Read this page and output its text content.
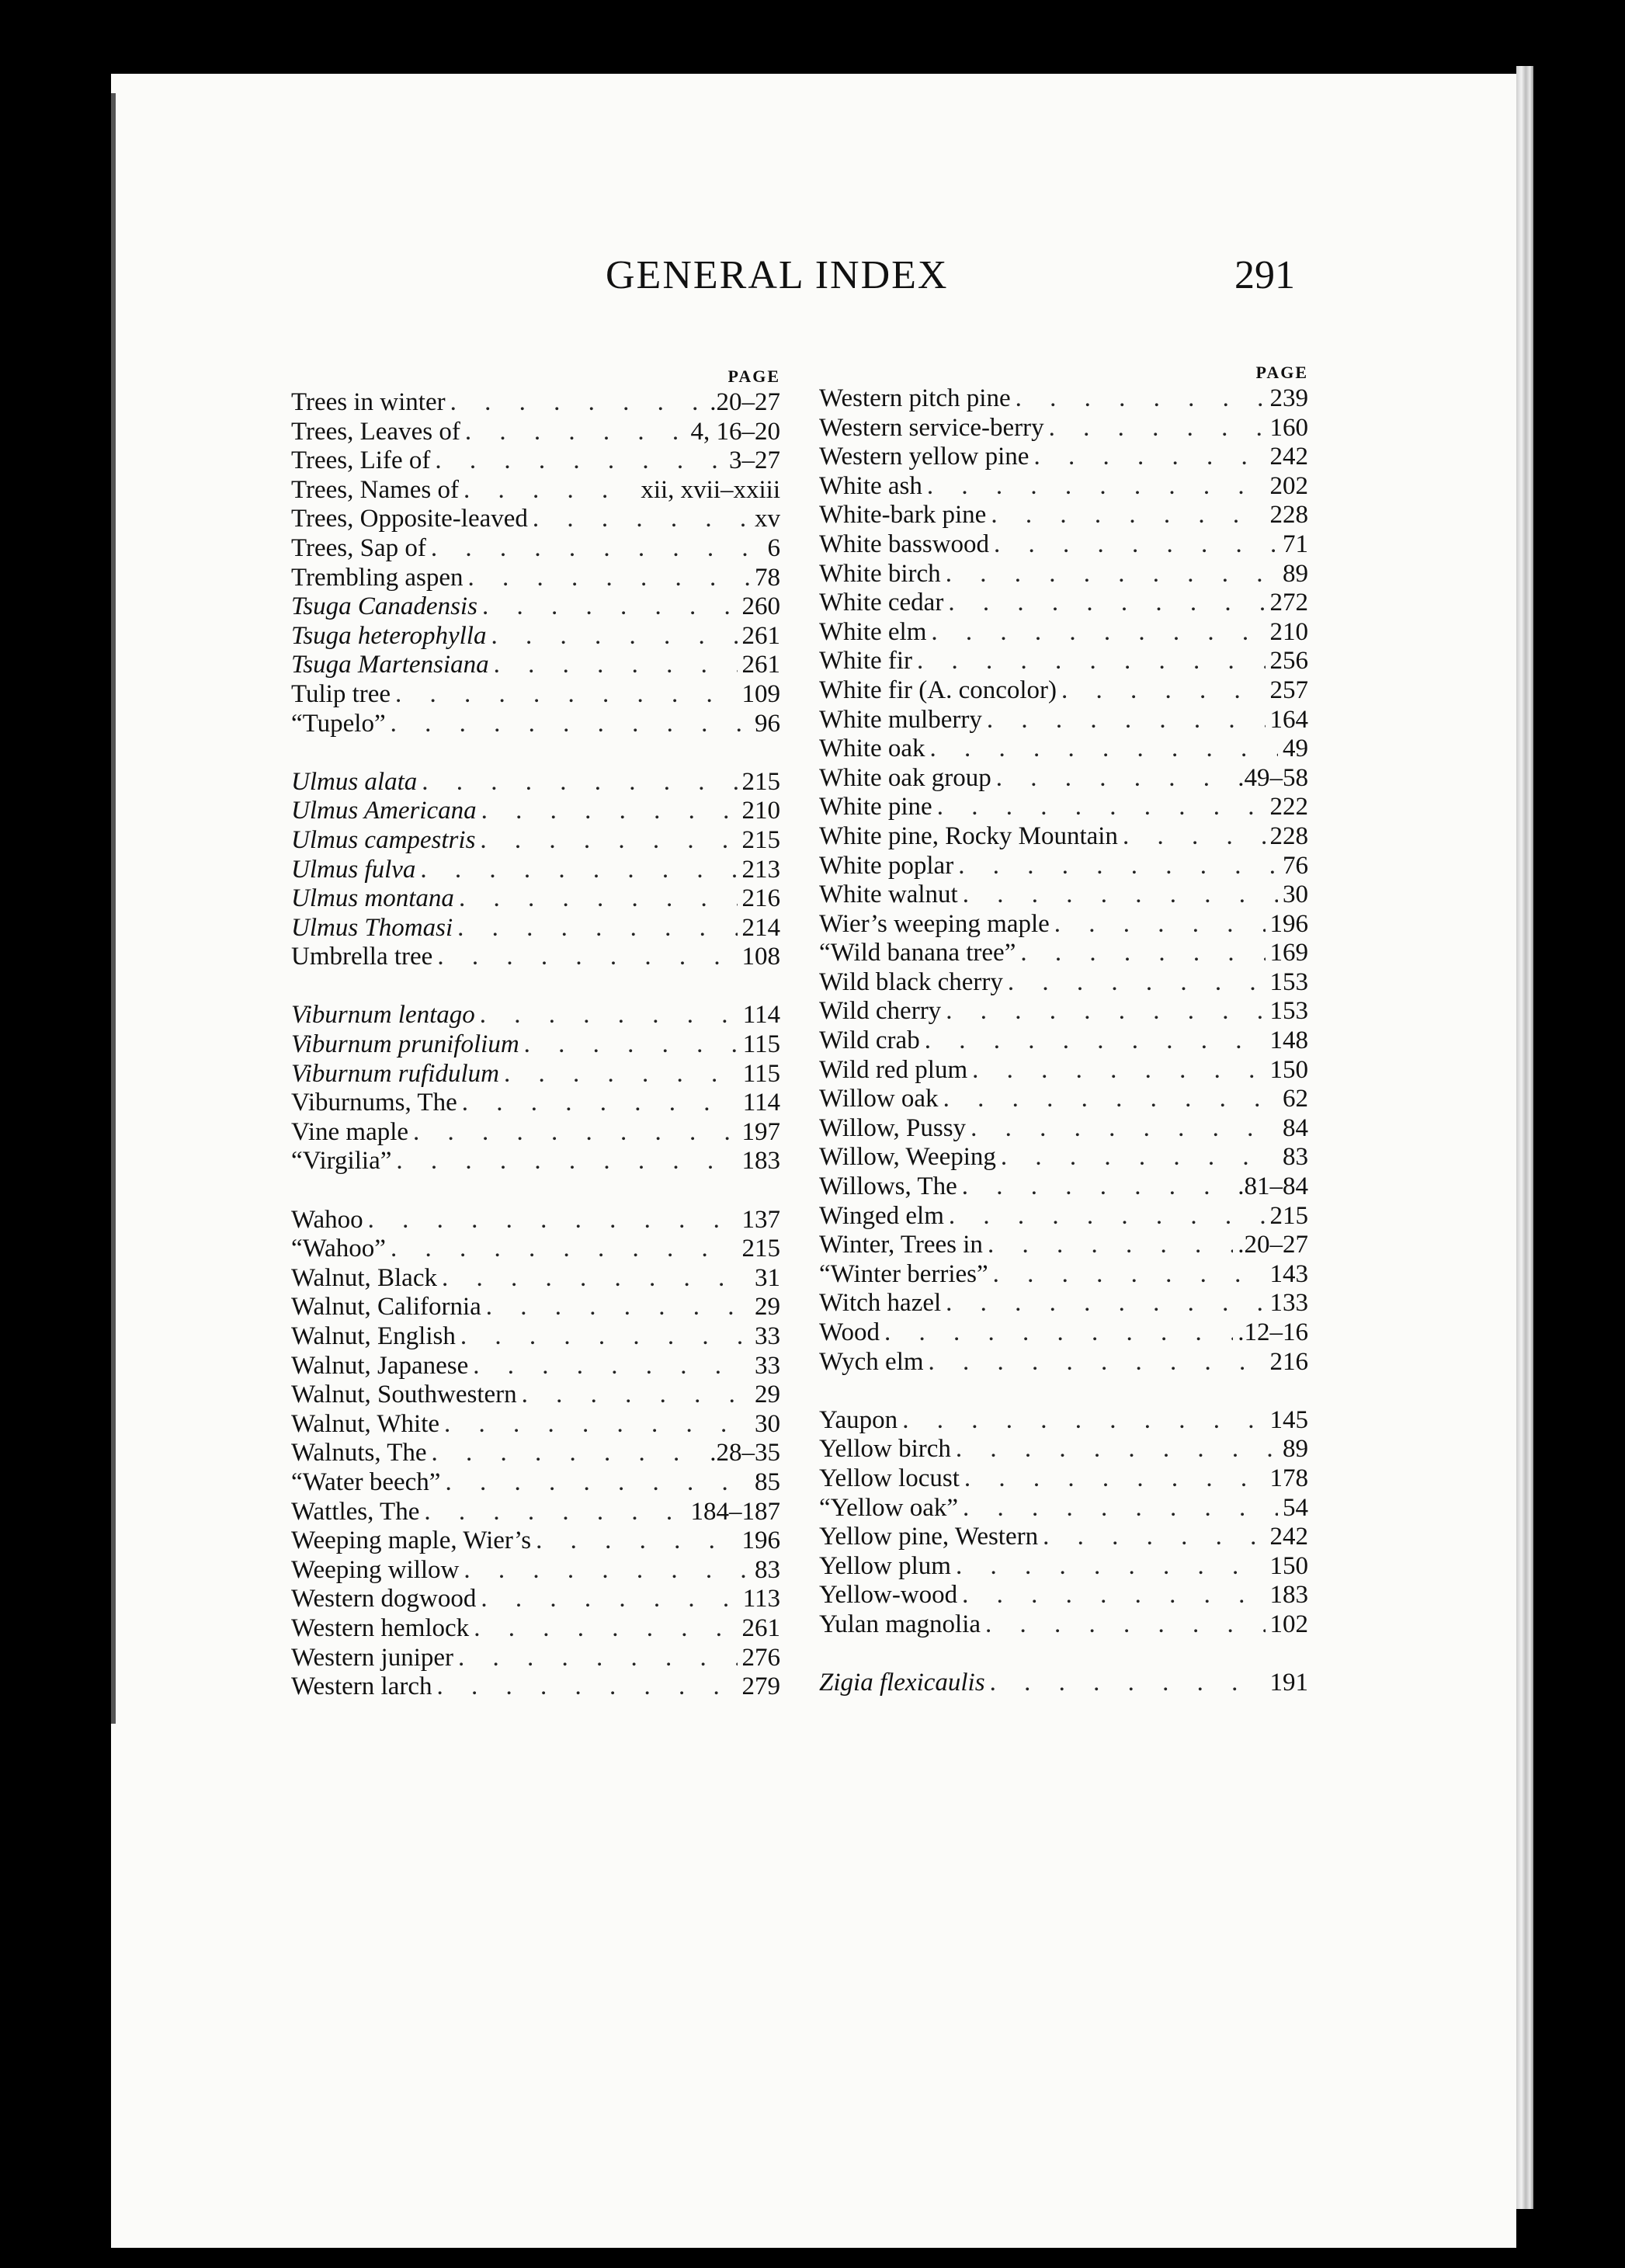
GENERAL INDEX	291
PAGE
Trees in winter . . .	.20–27
Trees, Leaves of . . .	4, 16–20
Trees, Life of . . .	3–27
Trees, Names of . . .	xii, xvii–xxiii
Trees, Opposite-leaved . . .	xv
Trees, Sap of . . .	6
Trembling aspen . . .	78
Tsuga Canadensis . . .	260
Tsuga heterophylla . . .	261
Tsuga Martensiana . . .	261
Tulip tree . . .	109
“Tupelo” . . .	96
Ulmus alata . . .	215
Ulmus Americana . . .	210
Ulmus campestris . . .	215
Ulmus fulva . . .	213
Ulmus montana . . .	216
Ulmus Thomasi . . .	214
Umbrella tree . . .	108
Viburnum lentago . . .	114
Viburnum prunifolium . . .	115
Viburnum rufidulum . . .	115
Viburnums, The . . .	114
Vine maple . . .	197
“Virgilia” . . .	183
Wahoo . . .	137
“Wahoo” . . .	215
Walnut, Black . . .	31
Walnut, California . . .	29
Walnut, English . . .	33
Walnut, Japanese . . .	33
Walnut, Southwestern . . .	29
Walnut, White . . .	30
Walnuts, The . . .	.28–35
“Water beech” . . .	85
Wattles, The . . .	184–187
Weeping maple, Wier’s . . .	196
Weeping willow . . .	83
Western dogwood . . .	113
Western hemlock . . .	261
Western juniper . . .	276
Western larch . . .	279
PAGE
Western pitch pine . . .	239
Western service-berry . . .	160
Western yellow pine . . .	242
White ash . . .	202
White-bark pine . . .	228
White basswood . . .	71
White birch . . .	89
White cedar . . .	272
White elm . . .	210
White fir . . .	256
White fir (A. concolor) . . .	257
White mulberry . . .	164
White oak . . .	49
White oak group . . .	.49–58
White pine . . .	222
White pine, Rocky Mountain . . .	228
White poplar . . .	76
White walnut . . .	30
Wier’s weeping maple . . .	196
“Wild banana tree” . . .	169
Wild black cherry . . .	153
Wild cherry . . .	153
Wild crab . . .	148
Wild red plum . . .	150
Willow oak . . .	62
Willow, Pussy . . .	84
Willow, Weeping . . .	83
Willows, The . . .	.81–84
Winged elm . . .	215
Winter, Trees in . . .	.20–27
“Winter berries” . . .	143
Witch hazel . . .	133
Wood . . .	.12–16
Wych elm . . .	216
Yaupon . . .	145
Yellow birch . . .	89
Yellow locust . . .	178
“Yellow oak” . . .	54
Yellow pine, Western . . .	242
Yellow plum . . .	150
Yellow-wood . . .	183
Yulan magnolia . . .	102
Zigia flexicaulis . . .	191
